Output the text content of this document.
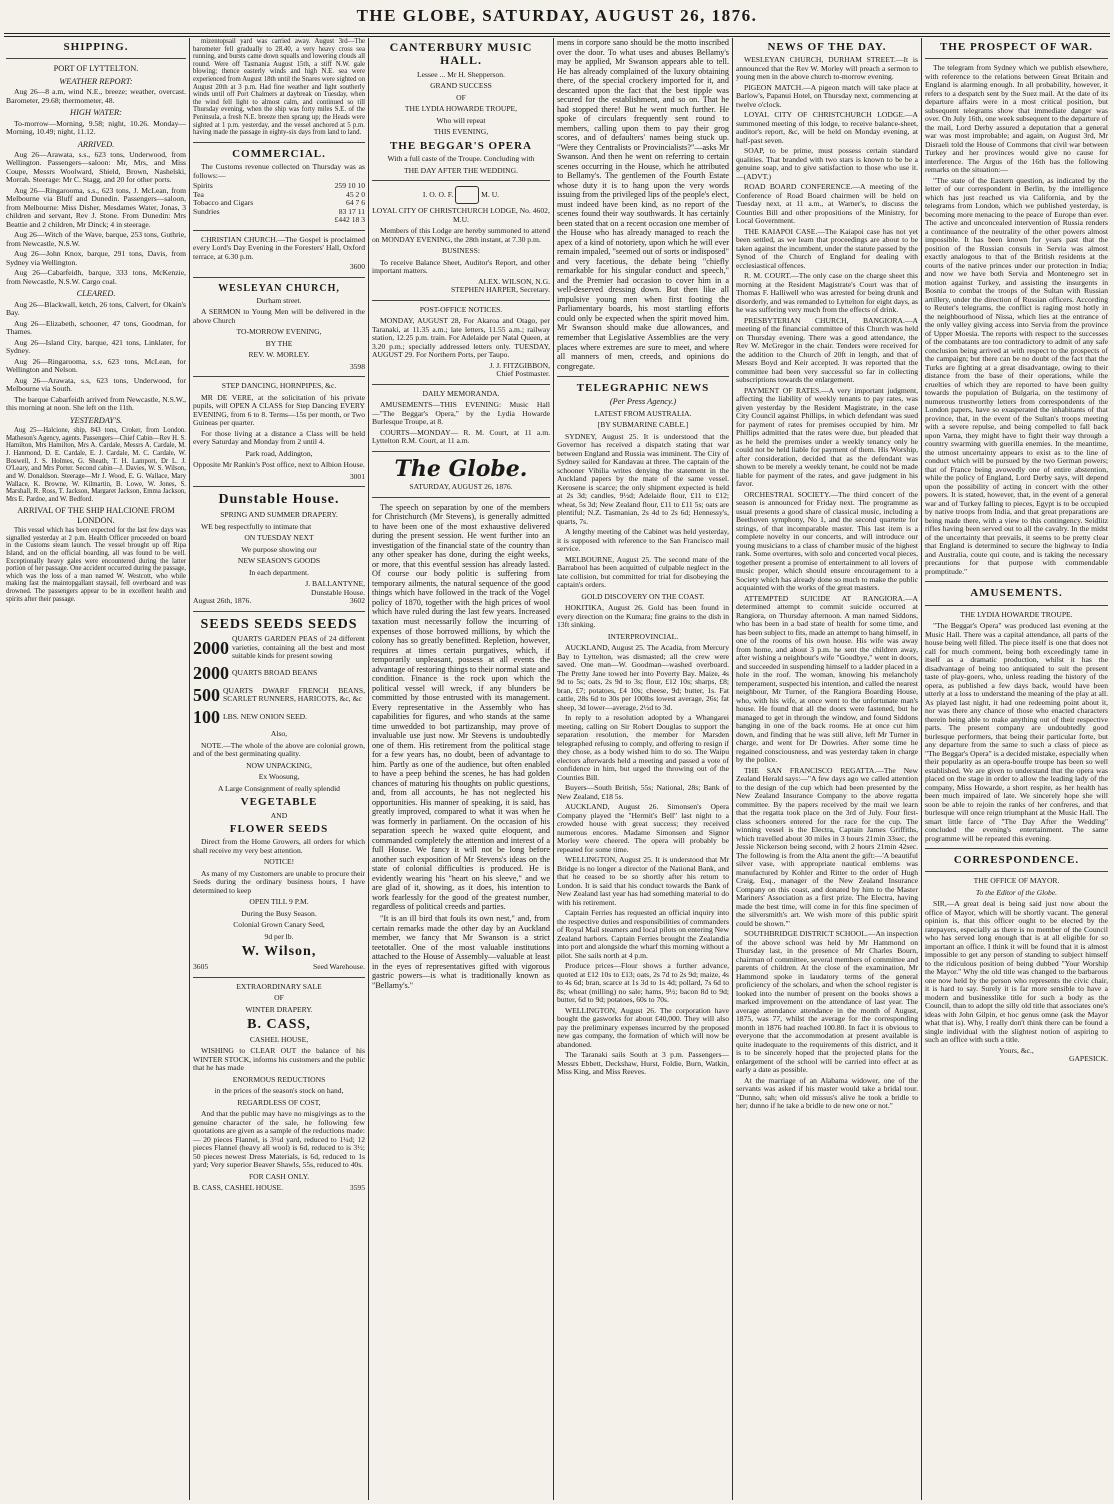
THE GLOBE, SATURDAY, AUGUST 26, 1876.
SHIPPING.
PORT OF LYTTELTON.
WEATHER REPORT:

Aug 26—8 a.m, wind N.E., breeze; weather, overcast. Barometer, 29.68; thermometer, 48.

HIGH WATER:

To-morrow—Morning, 9.58; night, 10.26. Monday—Morning, 10.49; night, 11.12.

ARRIVED.

Aug 26—Arawata, s.s., 623 tons, Underwood, from Wellington. Passengers—saloon: Mr, Mrs, and Miss Coupe, Messrs Woolward, Shield, Brown, Nashelski, Morrah. Steerage: Mr C. Stagg, and 20 for other ports.

Aug 26—Ringarooma, s.s., 623 tons, J. McLean, from Melbourne via Bluff and Dunedin. Passengers—saloon, from Melbourne: Miss Disher, Mesdames Water, Jonas, 3 children and servant, Rev J. Stone. From Dunedin: Mrs Beattie and 2 children, Mr Dinck; 4 in steerage.

Aug 26—Witch of the Wave, barque, 253 tons, Guthrie, from Newcastle, N.S.W.

Aug 26—John Knox, barque, 291 tons, Davis, from Sydney via Wellington.

Aug 26—Cabarfeidh, barque, 333 tons, McKenzie, from Newcastle, N.S.W. Cargo coal.

CLEARED.

Aug 26—Blackwall, ketch, 26 tons, Calvert, for Okain's Bay.

Aug 26—Elizabeth, schooner, 47 tons, Goodman, for Thames.

Aug 26—Island City, barque, 421 tons, Linklater, for Sydney.

Aug 26—Ringarooma, s.s, 623 tons, McLean, for Wellington and Nelson.

Aug 26—Arawata, s.s, 623 tons, Underwood, for Melbourne via South.

The barque Cabarfeidh arrived from Newcastle, N.S.W., this morning at noon. She left on the 11th.

YESTERDAY'S.

Aug 25—Halcione, ship, 843 tons, Croker, from London. Matheson's Agency, agents. Passengers—Chief Cabin—Rev H. S. Hamilton, Mrs Hamilton, Mrs A. Cardale, Messrs A. Cardale, M. J. Hanmond, D. E. Cardale, E. J. Cardale, M. C. Cardale, W. Boswell, J. S. Holmes, G. Sheath, T. H. Lamport, Dr L. J. O'Leary, and Mrs Porter. Second cabin—J. Davies, W. S. Wilson, and W. Donaldson. Steerage—Mr J. Wood, E. G. Wallace, Mary Wallace, K. Browne, W. Kilmartin, B. Lowe, W. Jones, S. Marshall, R. Ross, T. Jackson, Margaret Jackson, Emma Jackson, Mrs E. Pardoe, and W. Bedford.

ARRIVAL OF THE SHIP HALCIONE FROM LONDON.

This vessel which has been expected for the last few days was signalled yesterday at 2 p.m. Health Officer proceeded on board in the Customs steam launch. The vessel brought up off Ripa Island, and on the official boarding, all was found to be well. Exceptionally heavy gales were encountered during the latter portion of her passage. One accident occurred during the passage, which was the loss of a man named W. Westcott, who while making fast the maintopgallant staysail, fell overboard and was drowned. The passengers appear to be in excellent health and spirits after their passage.

mizentopsail yard was carried away. August 3rd—The barometer fell gradually to 28.40, a very heavy cross sea running, and bursts came down squalls and lowering clouds all round. Were off Tasmania August 15th, a stiff N.W. gale blowing; thence easterly winds and high N.E. sea were experienced from August 18th until the Snares were sighted on August 20th at 3 p.m. Had fine weather and light southerly winds until off Port Chalmers at daybreak on Tuesday, when the wind fell light to almost calm, and continued so till Thursday evening, when the ship was forty miles S.E. of the Peninsula, a fresh N.E. breeze then sprang up; the Heads were sighted at 1 p.m. yesterday, and the vessel anchored at 5 p.m. having made the passage in eighty-six days from land to land.

COMMERCIAL.

The Customs revenue collected on Thursday was as follows:—

Spirits	259 10 10
Tea	45 2 0
Tobacco and Cigars	64 7 6
Sundries	83 17 11
£442 18 3

CHRISTIAN CHURCH.—The Gospel is proclaimed every Lord's Day Evening in the Foresters' Hall, Oxford terrace, at 6.30 p.m.

3600
WESLEYAN CHURCH,
Durham street.

A SERMON to Young Men will be delivered in the above Church

TO-MORROW EVENING,
BY THE
REV. W. MORLEY.
3598
STEP DANCING, HORNPIPES, &c.

MR DE VERE, at the solicitation of his private pupils, will OPEN A CLASS for Step Dancing EVERY EVENING, from 6 to 8. Terms—15s per month, or Two Guineas per quarter.

For those living at a distance a Class will be held every Saturday and Monday from 2 until 4.

Park road, Addington,
Opposite Mr Rankin's Post office, next to Albion House.
3001
Dunstable House.
SPRING AND SUMMER DRAPERY.

WE beg respectfully to intimate that

ON TUESDAY NEXT
We purpose showing our
NEW SEASON'S GOODS
In each department.
J. BALLANTYNE,
Dunstable House.
August 26th, 1876.	3602
SEEDS SEEDS SEEDS
2000 QUARTS GARDEN PEAS of 24 different varieties, containing all the best and most suitable kinds for present sowing
2000 QUARTS BROAD BEANS
500 QUARTS DWARF FRENCH BEANS, SCARLET RUNNERS, HARICOTS, &c, &c
100 LBS. NEW ONION SEED.
Also,

NOTE.—The whole of the above are colonial grown, and of the best germinating quality.

NOW UNPACKING,
Ex Woosung,
A Large Consignment of really splendid
VEGETABLE
AND
FLOWER SEEDS

Direct from the Home Growers, all orders for which shall receive my very best attention.

NOTICE!

As many of my Customers are unable to procure their Seeds during the ordinary business hours, I have determined to keep

OPEN TILL 9 P.M.
During the Busy Season.
Colonial Grown Canary Seed,
9d per lb.
W. Wilson,
3605	Seed Warehouse.
EXTRAORDINARY SALE
OF
WINTER DRAPERY.
B. CASS,
CASHEL HOUSE,

WISHING to CLEAR OUT the balance of his WINTER STOCK, informs his customers and the public that he has made

ENORMOUS REDUCTIONS
in the prices of the season's stock on hand,
REGARDLESS OF COST,

And that the public may have no misgivings as to the genuine character of the sale, he following few quotations are given as a sample of the reductions made:— 20 pieces Flannel, is 3½d yard, reduced to 1¼d; 12 pieces Flannel (heavy all wool) is 6d, reduced to is 3½; 50 pieces newest Dress Materials, is 6d, reduced to 1s yard; Very superior Beaver Shawls, 55s, reduced to 40s.

FOR CASH ONLY.
B. CASS, CASHEL HOUSE.	3595
CANTERBURY MUSIC HALL.
Lessee ... Mr H. Shepperson.
GRAND SUCCESS
OF
THE LYDIA HOWARDE TROUPE,
Who will repeat
THIS EVENING,
THE BEGGAR'S OPERA
With a full caste of the Troupe. Concluding with
THE DAY AFTER THE WEDDING.
I. O. O. F.	M. U.
LOYAL CITY OF CHRISTCHURCH LODGE, No. 4602, M.U.

Members of this Lodge are hereby summoned to attend on MONDAY EVENING, the 28th instant, at 7.30 p.m.

BUSINESS:

To receive Balance Sheet, Auditor's Report, and other important matters.

ALEX. WILSON, N.G.
STEPHEN HARPER, Secretary.
POST-OFFICE NOTICES.

MONDAY, AUGUST 28, For Akaroa and Otago, per Taranaki, at 11.35 a.m.; late letters, 11.55 a.m.; railway station, 12.25 p.m. train. For Adelaide per Natal Queen, at 3.20 p.m.; specially addressed letters only. TUESDAY, AUGUST 29. For Northern Ports, per Taupo.

J. J. FITZGIBBON,
Chief Postmaster.
DAILY MEMORANDA.

AMUSEMENTS—THIS EVENING: Music Hall—"The Beggar's Opera," by the Lydia Howarde Burlesque Troupe, at 8.

COURTS—MONDAY— R. M. Court, at 11 a.m. Lyttelton R.M. Court, at 11 a.m.

The Globe.
SATURDAY, AUGUST 26, 1876.

The speech on separation by one of the members for Christchurch (Mr Stevens), is generally admitted to have been one of the most exhaustive delivered during the present session. He went further into an investigation of the financial state of the country than any other speaker has done, during the eight weeks, or more, that this eventful session has already lasted. Of course our body politic is suffering from temporary ailments, the natural sequence of the good things which have followed in the track of the Vogel policy of 1870, together with the high prices of wool which have ruled during the last few years. Increased taxation must necessarily follow the incurring of expenses of those borrowed millions, by which the colony has so greatly benefitted. Repletion, however, requires at times certain purgatives, which, if temporarily unpleasant, possess at all events the advantage of restoring things to their normal state and condition. Finance is the rock upon which the political vessel will wreck, if any blunders be committed by those entrusted with its management. Every representative in the Assembly who has capabilities for figures, and who stands at the same time unwedded to bot partizanship, may prove of invaluable use just now. Mr Stevens is undoubtedly one of them. His retirement from the political stage for a few years has, no doubt, been of advantage to him. Partly as one of the audience, but often enabled to have a peep behind the scenes, he has had golden chances of maturing his thoughts on public questions, and, from all accounts, he has not neglected his opportunities. His manner of speaking, it is said, has greatly improved, compared to what it was when he was formerly in parliament. On the occasion of his separation speech he waxed quite eloquent, and commanded completely the attention and interest of a full House. We fancy it will not be long before another such exposition of Mr Stevens's ideas on the state of colonial difficulties is produced. He is evidently wearing his "heart on his sleeve," and we are glad of it, showing, as it does, his intention to work fearlessly for the good of the greatest number, regardless of political creeds and parties.

"It is an ill bird that fouls its own nest," and, from certain remarks made the other day by an Auckland member, we fancy that Mr Swanson is a strict teetotaller. One of the most valuable institutions attached to the House of Assembly—valuable at least in the eyes of representatives gifted with vigorous gastric powers—is what is traditionally known as "Bellamy's."

mens in corpore sano should be the motto inscribed over the door. To what uses and abuses Bellamy's may be applied, Mr Swanson appears able to tell. He has already complained of the luxury obtaining there, of the special crockery imported for it, and descanted upon the fact that the best tipple was secured for the establishment, and so on. That he had stopped there! But he went much further. He spoke of circulars frequently sent round to members, calling upon them to pay their grog scores, and of defaulters' names being stuck up. "Were they Centralists or Provincialists?"—asks Mr Swanson. And then he went on referring to certain scenes occurring in the House, which he attributed to Bellamy's. The gentlemen of the Fourth Estate whose duty it is to hang upon the very words issuing from the privileged lips of the people's elect, must indeed have been kind, as no report of the scenes found their way southwards. It has certainly been stated that on a recent occasion one member of the House who has already managed to reach the apex of a kind of notoriety, upon which he will ever remain impaled, "seemed out of sorts or indisposed" and very facetious, the debate being "chiefly remarkable for his singular conduct and speech," and the Premier had occasion to cover him in a well-deserved dressing down. But then like all impulsive young men when first footing the Parliamentary boards, his most startling efforts could only be expected when the spirit moved him. Mr Swanson should make due allowances, and remember that Legislative Assemblies are the very places where extremes are sure to meet, and where all manners of men, creeds, and opinions do congregate.

TELEGRAPHIC NEWS
(Per Press Agency.)
LATEST FROM AUSTRALIA.
[BY SUBMARINE CABLE.]

SYDNEY, August 25. It is understood that the Governor has received a dispatch stating that war between England and Russia was imminent. The City of Sydney sailed for Kandavau at three. The captain of the schooner Vibilia writes denying the statement in the Auckland papers by the mate of the same vessel. Kerosene is scarce; the only shipment expected is held at 2s 3d; candles, 9½d; Adelaide flour, £11 to £12; wheat, 5s 3d; New Zealand flour, £11 to £11 5s; oats are plentiful; N.Z. Tasmanian, 2s 4d to 2s 6d; Hennessy's, quarts, 7s.

A lengthy meeting of the Cabinet was held yesterday, it is supposed with reference to the San Francisco mail service.

MELBOURNE, August 25. The second mate of the Barrabool has been acquitted of culpable neglect in the late collision, but committed for trial for disobeying the captain's orders.

GOLD DISCOVERY ON THE COAST.

HOKITIKA, August 26. Gold has been found in every direction on the Kumara; fine grains to the dish in 13ft sinking.

INTERPROVINCIAL.

AUCKLAND, August 25. The Acadia, from Mercury Bay to Lyttelton, was dismasted; all the crew were saved. One man—W. Goodman—washed overboard. The Pretty Jane towed her into Poverty Bay. Maize, 4s 9d to 5s; oats, 2s 9d to 3s; flour, £12 10s; sharps, £8; bran, £7; potatoes, £4 10s; cheese, 9d; butter, 1s. Fat cattle, 28s 6d to 30s per 100lbs lowest average, 26s; fat sheep, 3d lower—average, 2½d to 3d.

In reply to a resolution adopted by a Whangarei meeting, calling on Sir Robert Douglas to support the separation resolution, the member for Marsden telegraphed refusing to comply, and offering to resign if they chose, as a body wished him to do so. The Waipu electors afterwards held a meeting and passed a vote of confidence in him, but urged the throwing out of the Counties Bill.

Buyers—South British, 55s; National, 28s; Bank of New Zealand, £18 5s.

AUCKLAND, August 26. Simonsen's Opera Company played the "Hermit's Bell" last night to a crowded house with great success; they received numerous encores. Madame Simonsen and Signor Morley were cheered. The opera will probably be repeated for some time.

WELLINGTON, August 25. It is understood that Mr Bridge is no longer a director of the National Bank, and that he ceased to be so shortly after his return to London. It is said that his conduct towards the Bank of New Zealand last year has had something material to do with his retirement.

Captain Ferries has requested an official inquiry into the respective duties and responsibilities of commanders of Royal Mail steamers and local pilots on entering New Zealand harbors. Captain Ferries brought the Zealandia into port and alongside the wharf this morning without a pilot. She sails north at 4 p.m.

Produce prices—Flour shows a further advance, quoted at £12 10s to £13; oats, 2s 7d to 2s 9d; maize, 4s to 4s 6d; bran, scarce at 1s 3d to 1s 4d; pollard, 7s 6d to 8s; wheat (milling) no sale; hams, 9½; bacon 8d to 9d; butter, 6d to 9d; potatoes, 60s to 70s.

WELLINGTON, August 26. The corporation have bought the gasworks for about £40,000. They will also pay the preliminary expenses incurred by the proposed new gas company, the formation of which will now be abandoned.

The Taranaki sails South at 3 p.m. Passengers—Messrs Ebbett, Deckshaw, Hurst, Foldie, Burn, Watkin, Miss King, and Miss Reeves.

NEWS OF THE DAY.

WESLEYAN CHURCH, DURHAM STREET.—It is announced that the Rev W. Morley will preach a sermon to young men in the above church to-morrow evening.

PIGEON MATCH.—A pigeon match will take place at Barlow's, Papanui Hotel, on Thursday next, commencing at twelve o'clock.

LOYAL CITY OF CHRISTCHURCH LODGE.—A summoned meeting of this lodge, to receive balance-sheet, auditor's report, &c, will be held on Monday evening, at half-past seven.

SOAP, to be prime, must possess certain standard qualities. That branded with two stars is known to be be a genuine soap, and to give satisfaction to those who use it.—(ADVT.)

ROAD BOARD CONFERENCE.—A meeting of the Conference of Road Board chairmen will be held on Tuesday next, at 11 a.m., at Warner's, to discuss the Counties Bill and other propositions of the Ministry, for Local Government.

THE KAIAPOI CASE.—The Kaiapoi case has not yet been settled, as we learn that proceedings are about to be taken against the incumbent, under the statute passed by the Synod of the Church of England for dealing with ecclesiastical offences.

R. M. COURT.—The only case on the charge sheet this morning at the Resident Magistrate's Court was that of Thomas F. Halliwell who was arrested for being drunk and disorderly, and was remanded to Lyttelton for eight days, as he was suffering very much from the effects of drink.

PRESBYTERIAN CHURCH, BANGIORA.—A meeting of the financial committee of this Church was held on Thursday evening. There was a good attendance, the Rev W. McGregor in the chair. Tenders were received for the addition to the Church of 20ft in length, and that of Messrs Boyd and Keir accepted. It was reported that the committee had been very successful so far in collecting subscriptions towards the enlargement.

PAYMENT OF RATES.—A very important judgment, affecting the liability of weekly tenants to pay rates, was given yesterday by the Resident Magistrate, in the case City Council against Phillips, in which defendant was sued for payment of rates for premises occupied by him. Mr Phillips admitted that the rates were due, but pleaded that as he held the premises under a weekly tenancy only he could not be held liable for payment of them. His Worship, after consideration, decided that as the defendant was shown to be merely a weekly tenant, he could not be made liable for payment of the rates, and gave judgment in his favor.

ORCHESTRAL SOCIETY.—The third concert of the season is announced for Friday next. The programme as usual presents a good share of classical music, including a Beethoven symphony, No 1, and the second quartette for strings, of that incomparable master. This last item is a complete novelty in our concerts, and will introduce our young musicians to a class of chamber music of the highest rank. Some overtures, with solo and concerted vocal pieces, together present a promise of entertainment to all lovers of music proper, which should ensure encouragement to a Society which has already done so much to make the public acquainted with the works of the great masters.

ATTEMPTED SUICIDE AT RANGIORA.—A determined attempt to commit suicide occurred at Rangiora, on Thursday afternoon. A man named Siddons, who has been in a bad state of health for some time, and has been subject to fits, made an attempt to hang himself, in one of the rooms of his own house. His wife was away from home, and about 3 p.m. he sent the children away, after wishing a neighbour's wife "Goodbye," went in doors, and succeeded in suspending himself to a ladder placed in a hole in the roof. The woman, knowing his melancholy temperament, suspected his intention, and called the nearest neighbour, Mr Turner, of the Rangiora Boarding House, who, with his wife, at once went to the unfortunate man's house. He found that all the doors were fastened, but he managed to get in through the window, and found Siddons hanging in one of the back rooms. He at once cut him down, and finding that he was still alive, left Mr Turner in charge, and went for Dr Dowries. After some time he regained consciousness, and was yesterday taken in charge by the police.

THE SAN FRANCISCO REGATTA.—The New Zealand Herald says:—"A few days ago we called attention to the design of the cup which had been presented by the New Zealand Insurance Company to the above regatta committee. By the papers received by the mail we learn that the regatta took place on the 3rd of July. Four first-class schooners entered for the race for the cup. The winning vessel is the Electra, Captain James Griffiths, which travelled about 30 miles in 3 hours 21min 33sec, the Jessie Nickerson being second, with 2 hours 21min 42sec. The following is from the Alta anent the gift:—'A beautiful silver vase, with appropriate nautical emblems was manufactured by Kohler and Ritter to the order of Hugh Craig, Esq., manager of the New Zealand Insurance Company on this coast, and donated by him to the Master Mariners' Association as a first prize. The Electra, having made the best time, will come in for this fine specimen of the silversmith's art. We wish more of this public spirit could be shown.'"

SOUTHBRIDGE DISTRICT SCHOOL.—An inspection of the above school was held by Mr Hammond on Thursday last, in the presence of Mr Charles Bourn, chairman of committee, several members of committee and parents of children. At the close of the examination, Mr Hammond spoke in laudatory terms of the general proficiency of the scholars, and when the school register is looked into the number of present on the books shows a marked improvement on the attendance of last year. The average attendance attendance in the month of August, 1875, was 77, whilst the average for the corresponding month in 1876 had reached 100.80. In fact it is obvious to everyone that the accommodation at present available is quite inadequate to the requirements of this district, and it is to be sincerely hoped that the projected plans for the enlargement of the school will be carried into effect at as early a date as possible.

At the marriage of an Alabama widower, one of the servants was asked if his master would take a bridal tour. "Dunno, sah; when old missus's alive he took a bridle to her; dunno if he take a bridle to de new one or not."

THE PROSPECT OF WAR.

The telegram from Sydney which we publish elsewhere, with reference to the relations between Great Britain and England is alarming enough. In all probability, however, it refers to a despatch sent by the Suez mail. At the date of its departure affairs were in a most critical position, but subsequent telegrams show that immediate danger was over. On July 16th, one week subsequent to the departure of the mail, Lord Derby assured a deputation that a general war was most improbable; and again, on August 3rd, Mr Disraeli told the House of Commons that civil war between Turkey and her provinces would give no cause for interference. The Argus of the 16th has the following remarks on the situation:—

"The state of the Eastern question, as indicated by the letter of our correspondent in Berlin, by the intelligence which has just reached us via California, and by the telegrams from London, which we published yesterday, is becoming more menacing to the peace of Europe than ever. The active and unconcealed intervention of Russia renders a continuance of the neutrality of the other powers almost impossible. It has been known for years past that the position of the Russian consuls in Servia was almost exactly analogous to that of the British residents at the courts of the native princes under our protection in India; and now we have both Servia and Montenegro set in motion against Turkey, and assisting the insurgents in Bosnia to combat the troops of the Sultan with Russian artillery, under the direction of Russian officers. According to Reuter's telegrams, the conflict is raging most hotly in the neighbourhood of Nissa, which lies at the entrance of the only valley giving access into Servia from the province of Upper Moesia. The reports with respect to the successes of the combatants are too contradictory to admit of any safe conclusion being arrived at with respect to the prospects of the campaign; but there can be no doubt of the fact that the Turks are fighting at a great disadvantage, owing to their distance from the base of their operations, while the cruelties of which they are reported to have been guilty towards the population of Bulgaria, on the testimony of numerous trustworthy letters from correspondents of the London papers, have so exasperated the inhabitants of that province, that, in the event of the Sultan's troops meeting with a severe repulse, and being compelled to fall back upon Varna, they might have to fight their way through a country swarming with guerilla enemies. In the meantime, the utmost uncertainty appears to exist as to the line of conduct which will be pursued by the two German powers; that of France being avowedly one of entire abstention, while the policy of England, Lord Derby says, will depend upon the possibility of acting in concert with the other powers. It is stated, however, that, in the event of a general war and of Turkey falling to pieces, Egypt is to be occupied by native troops from India, and that great preparations are being made there, with a view to this contingency. Seidlitz rifles having been served out to all the cavalry. In the midst of the uncertainty that prevails, it seems to be pretty clear that England is determined to secure the highway to India and Australia, coute qui coute, and is taking the necessary precautions for that purpose with commendable promptitude."

AMUSEMENTS.
THE LYDIA HOWARDE TROUPE.

"The Beggar's Opera" was produced last evening at the Music Hall. There was a capital attendance, all parts of the house being well filled. The piece itself is one that does not call for much comment, being both exceedingly tame in itself as a dramatic production, whilst it has the disadvantage of being too antiquated to suit the present taste of play-goers, who, unless reading the history of the opera, as published a few days back, would have been utterly at a loss to understand the meaning of the play at all. As played last night, it had one redeeming point about it, nor was there any chance of those who enacted characters therein being able to make anything out of their respective parts. The present company are undoubtedly good burlesque performers, that being their particular forte, but any departure from the same to such a class of piece as "The Beggar's Opera" is a decided mistake, especially when their popularity as an opera-bouffe troupe has been so well established. We are given to understand that the opera was placed on the stage in order to allow the leading lady of the company, Miss Howarde, a short respite, as her health has been much impaired of late. We sincerely hope she will soon be able to rejoin the ranks of her confreres, and that burlesque will once reign triumphant at the Music Hall. The smart little farce of "The Day After the Wedding" concluded the evening's entertainment. The same programme will be repeated this evening.

CORRESPONDENCE.
THE OFFICE OF MAYOR.
To the Editor of the Globe.

SIR,—A great deal is being said just now about the office of Mayor, which will be shortly vacant. The general opinion is, that this officer ought to be elected by the ratepayers, especially as there is no member of the Council who has served long enough that is at all eligible for so important an office. I think it will be found that it is almost impossible to get any person of standing to subject himself to the ridiculous position of being dubbed "Your Worship the Mayor." Why the old title was changed to the barbarous one now held by the person who represents the civic chair, it is hard to say. Surely it is far more sensible to have a modern and businesslike title for such a body as the Council, than to adopt the silly old title that associates one's ideas with John Gilpin, et hoc genus omne (ask the Mayor what that is). Why, I really don't think there can be found a single individual with the slightest notion of aspiring to such an office with such a title.

Yours, &c.,
GAPESICK.
